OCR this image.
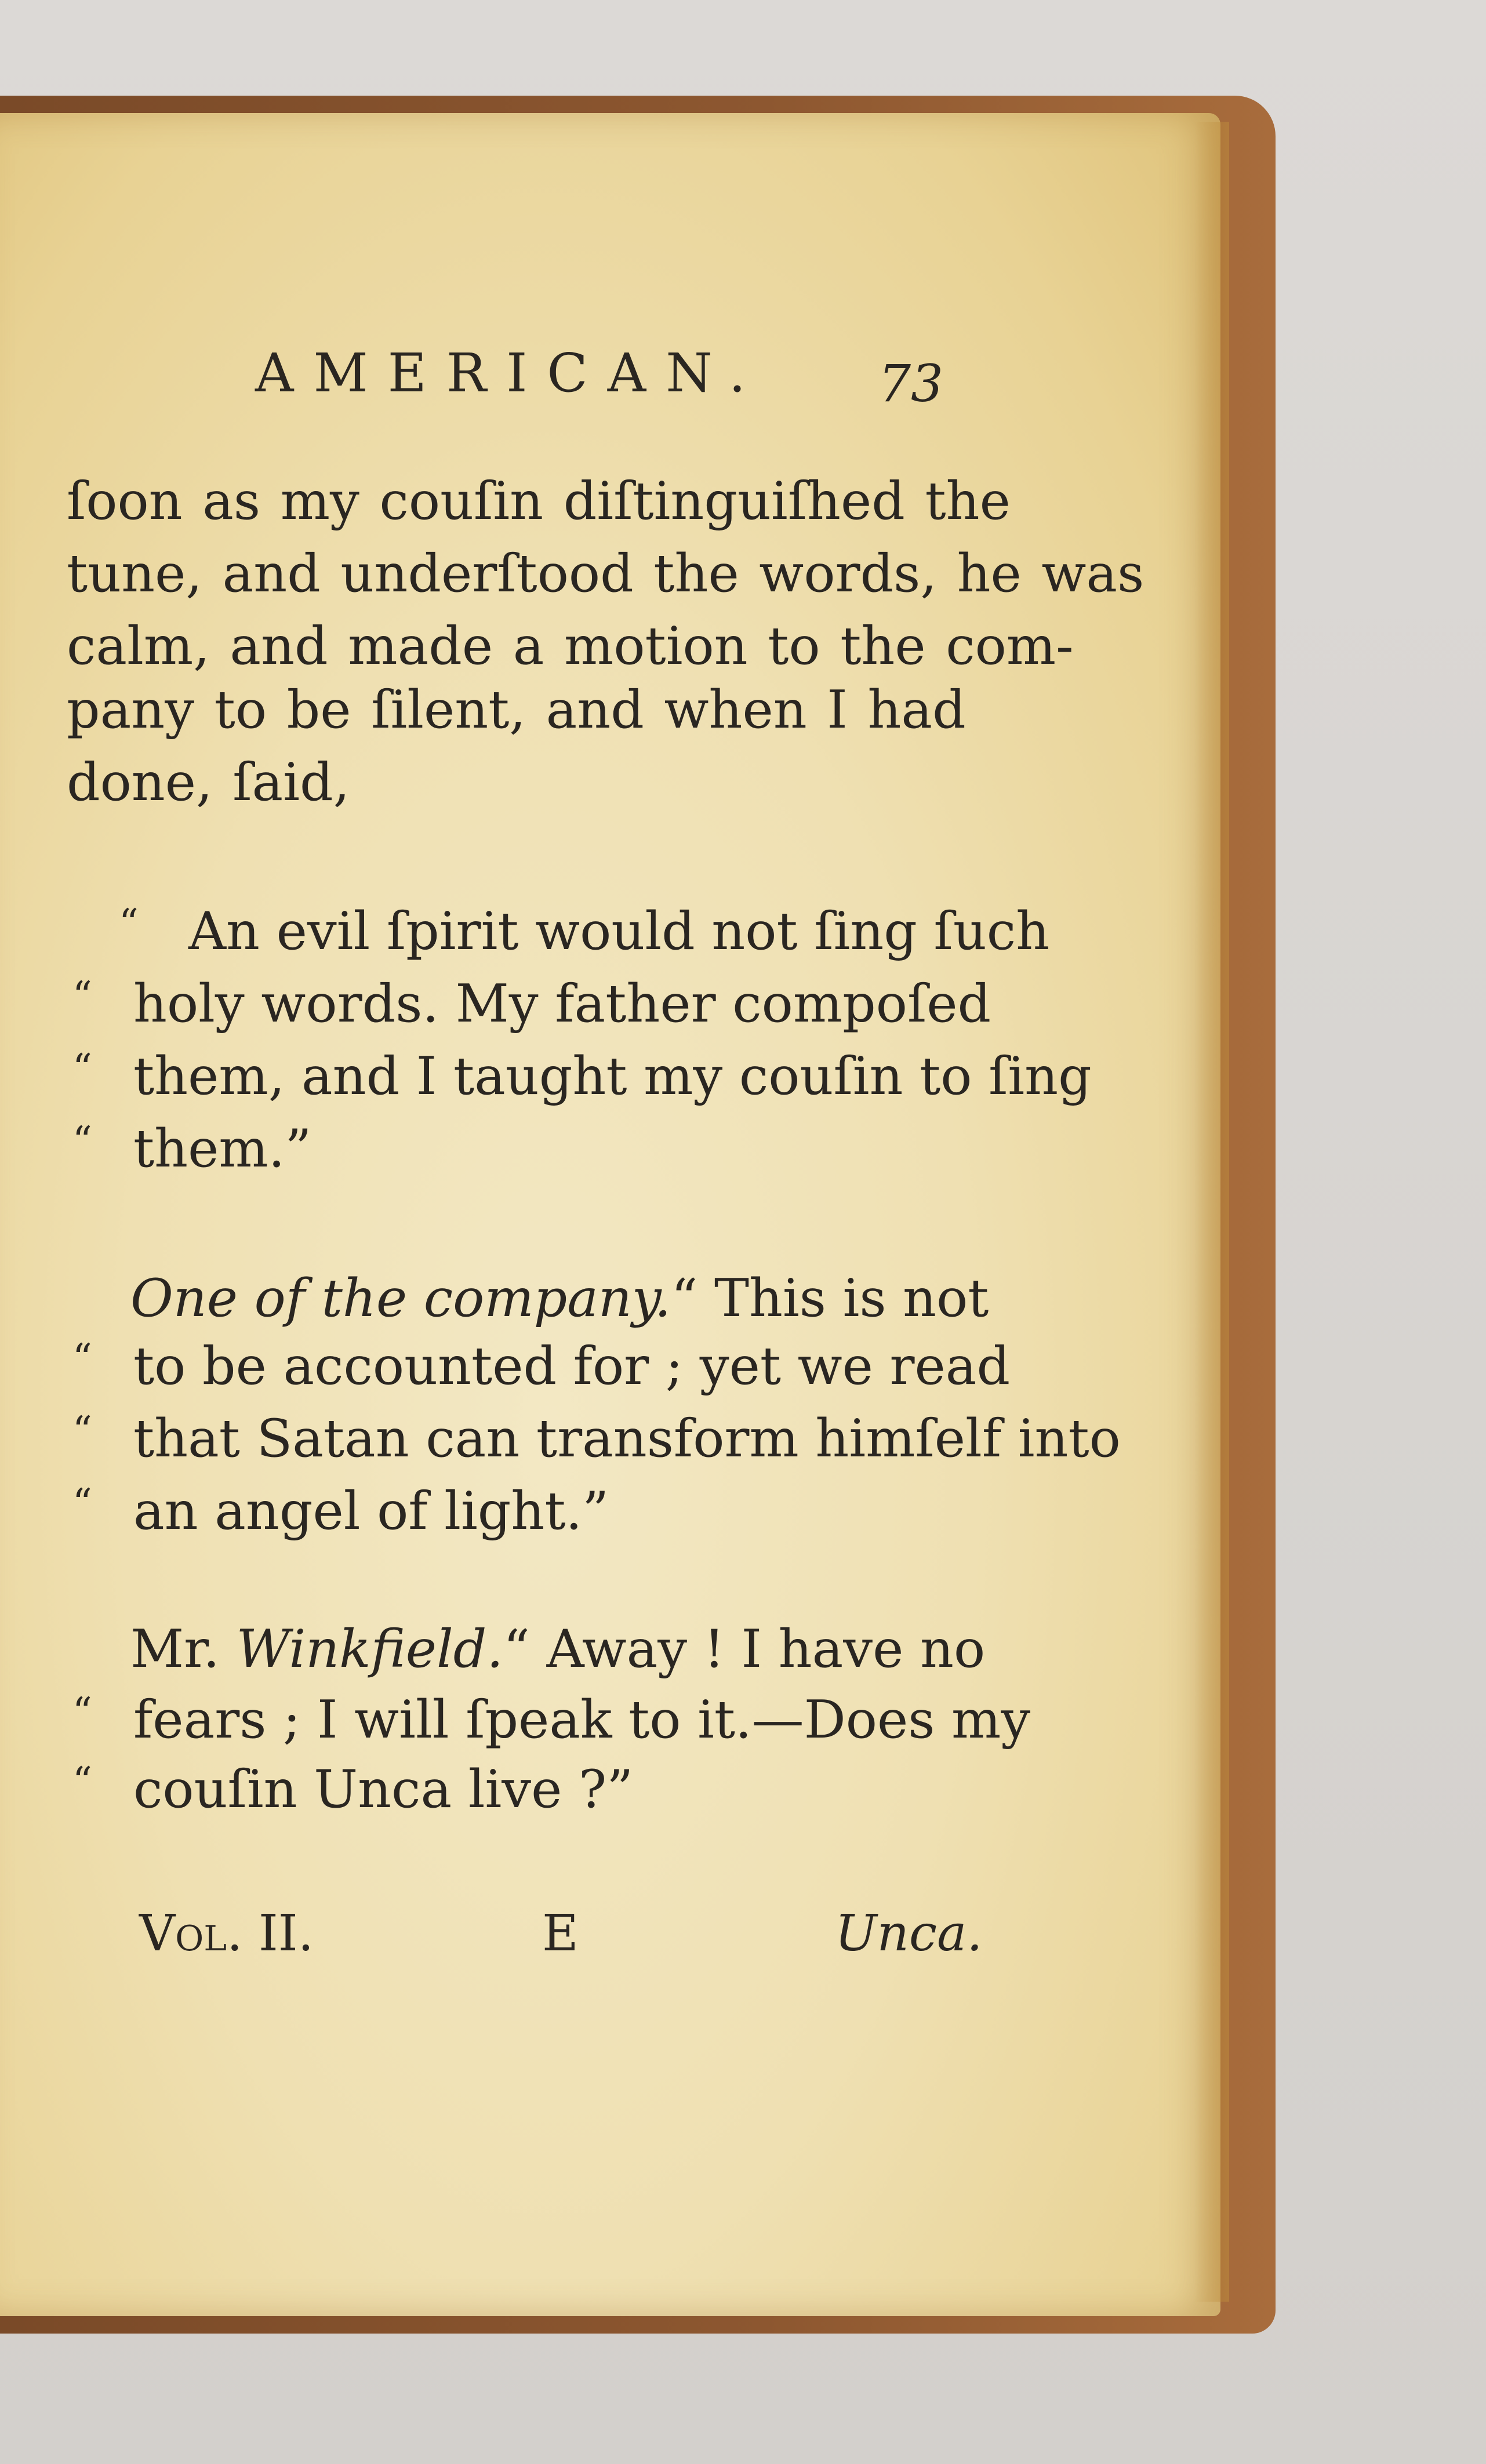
AMERICAN. 73
ſoon as my couſin diſtinguiſhed the
tune, and underſtood the words, he was
calm, and made a motion to the com-
pany to be ſilent, and when I had
done, ſaid,
“ An evil ſpirit would not ſing ſuch
“ holy words. My father compoſed
“ them, and I taught my couſin to ſing
“ them.”
One of the company. “ This is not
“ to be accounted for ; yet we read
“ that Satan can transform himſelf into
“ an angel of light.”
Mr. Winkfield. “ Away ! I have no
“ fears ; I will ſpeak to it.—Does my
“ couſin Unca live ?”
Vol. II.	E	Unca.
